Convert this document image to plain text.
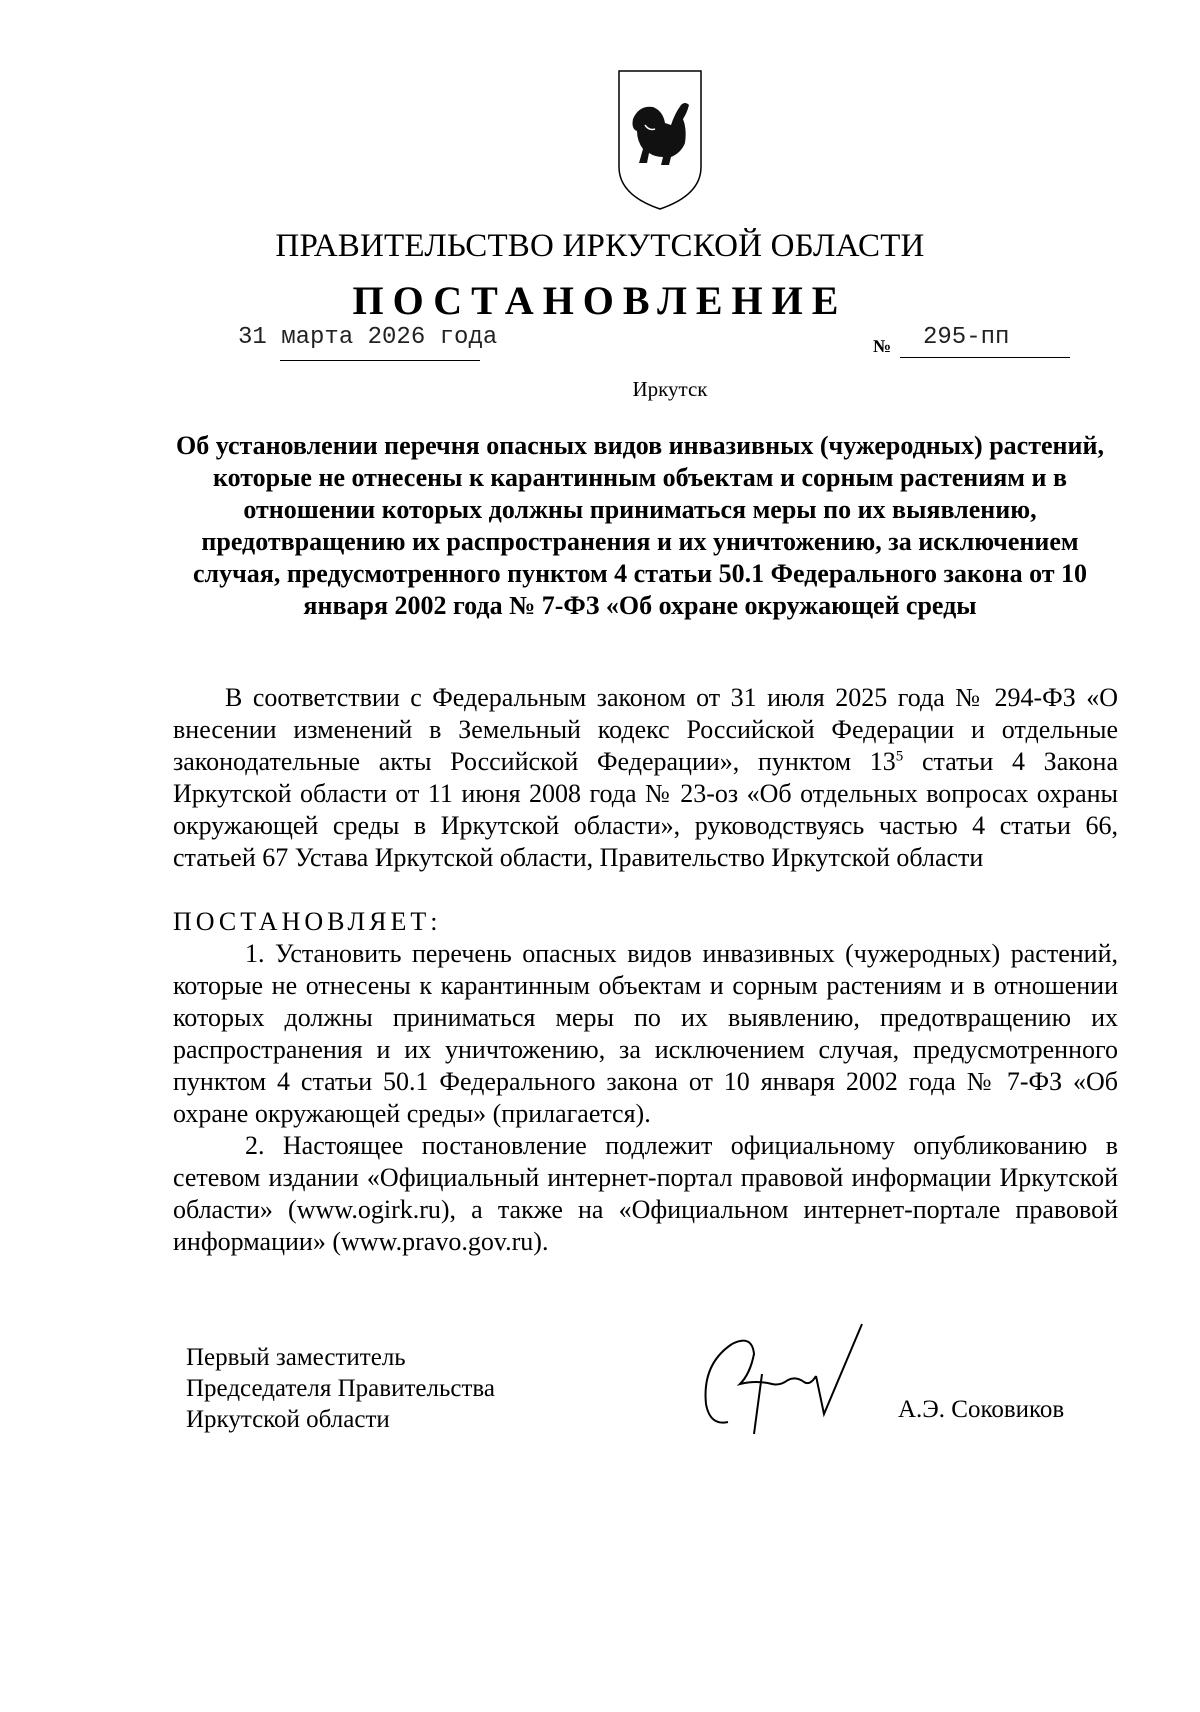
ПРАВИТЕЛЬСТВО ИРКУТСКОЙ ОБЛАСТИ
ПОСТАНОВЛЕНИЕ
31 марта 2026 года	№ 295-пп
Иркутск
Об установлении перечня опасных видов инвазивных (чужеродных) растений, которые не отнесены к карантинным объектам и сорным растениям и в отношении которых должны приниматься меры по их выявлению, предотвращению их распространения и их уничтожению, за исключением случая, предусмотренного пунктом 4 статьи 50.1 Федерального закона от 10 января 2002 года № 7-ФЗ «Об охране окружающей среды
В соответствии с Федеральным законом от 31 июля 2025 года № 294-ФЗ «О внесении изменений в Земельный кодекс Российской Федерации и отдельные законодательные акты Российской Федерации», пунктом $13^5$ статьи 4 Закона Иркутской области от 11 июня 2008 года № 23-оз «Об отдельных вопросах охраны окружающей среды в Иркутской области», руководствуясь частью 4 статьи 66, статьей 67 Устава Иркутской области, Правительство Иркутской области
ПОСТАНОВЛЯЕТ:
1. Установить перечень опасных видов инвазивных (чужеродных) растений, которые не отнесены к карантинным объектам и сорным растениям и в отношении которых должны приниматься меры по их выявлению, предотвращению их распространения и их уничтожению, за исключением случая, предусмотренного пунктом 4 статьи 50.1 Федерального закона от 10 января 2002 года № 7-ФЗ «Об охране окружающей среды» (прилагается).
2. Настоящее постановление подлежит официальному опубликованию в сетевом издании «Официальный интернет-портал правовой информации Иркутской области» (www.ogirk.ru), а также на «Официальном интернет-портале правовой информации» (www.pravo.gov.ru).
Первый заместитель
Председателя Правительства
Иркутской области	А.Э. Соковиков
